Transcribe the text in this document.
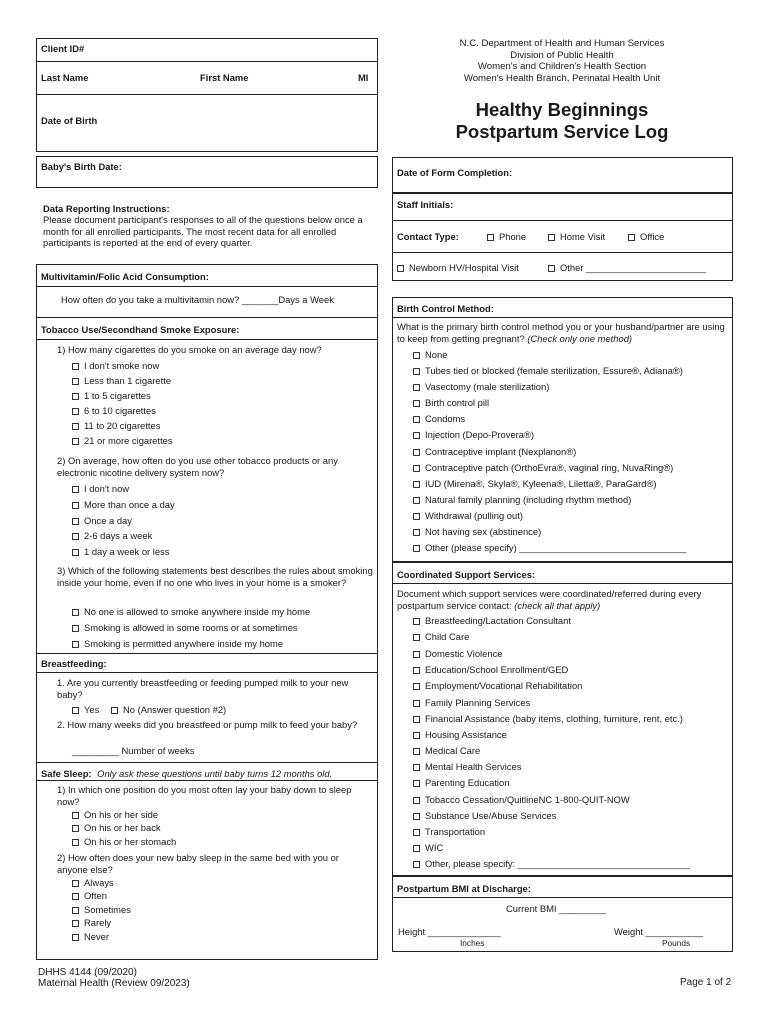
Client ID#
Last Name	First Name	MI
Date of Birth
N.C. Department of Health and Human Services
Division of Public Health
Women's and Children's Health Section
Women's Health Branch, Perinatal Health Unit
Healthy Beginnings
Postpartum Service Log
Baby's Birth Date:
Data Reporting Instructions:
Please document participant's responses to all of the questions below once a month for all enrolled participants. The most recent data for all enrolled participants is reported at the end of every quarter.
Multivitamin/Folic Acid Consumption:
How often do you take a multivitamin now? _______Days a Week
Tobacco Use/Secondhand Smoke Exposure:
1) How many cigarettes do you smoke on an average day now?
I don't smoke now
Less than 1 cigarette
1 to 5 cigarettes
6 to 10 cigarettes
11 to 20 cigarettes
21 or more cigarettes
2) On average, how often do you use other tobacco products or any electronic nicotine delivery system now?
I don't now
More than once a day
Once a day
2-6 days a week
1 day a week or less
3) Which of the following statements best describes the rules about smoking inside your home, even if no one who lives in your home is a smoker?
No one is allowed to smoke anywhere inside my home
Smoking is allowed in some rooms or at sometimes
Smoking is permitted anywhere inside my home
Breastfeeding:
1. Are you currently breastfeeding or feeding pumped milk to your new baby?
Yes	No (Answer question #2)
2. How many weeks did you breastfeed or pump milk to feed your baby?
_________ Number of weeks
Safe Sleep: Only ask these questions until baby turns 12 months old.
1) In which one position do you most often lay your baby down to sleep now?
On his or her side
On his or her back
On his or her stomach
2) How often does your new baby sleep in the same bed with you or anyone else?
Always
Often
Sometimes
Rarely
Never
Date of Form Completion:
Staff Initials:
Contact Type:	Phone	Home Visit	Office
Newborn HV/Hospital Visit	Other _______________________
Birth Control Method:
What is the primary birth control method you or your husband/partner are using to keep from getting pregnant? (Check only one method)
None
Tubes tied or blocked (female sterilization, Essure®, Adiana®)
Vasectomy (male sterilization)
Birth control pill
Condoms
Injection (Depo-Provera®)
Contraceptive implant (Nexplanon®)
Contraceptive patch (OrthoEvra®, vaginal ring, NuvaRing®)
IUD (Mirena®, Skyla®, Kyleena®, Liletta®, ParaGard®)
Natural family planning (including rhythm method)
Withdrawal (pulling out)
Not having sex (abstinence)
Other (please specify) ________________________________
Coordinated Support Services:
Document which support services were coordinated/referred during every postpartum service contact: (check all that apply)
Breastfeeding/Lactation Consultant
Child Care
Domestic Violence
Education/School Enrollment/GED
Employment/Vocational Rehabilitation
Family Planning Services
Financial Assistance (baby items, clothing, furniture, rent, etc.)
Housing Assistance
Medical Care
Mental Health Services
Parenting Education
Tobacco Cessation/QuitlineNC 1-800-QUIT-NOW
Substance Use/Abuse Services
Transportation
WIC
Other, please specify: _________________________________
Postpartum BMI at Discharge:
Current BMI _________
Height ______________
Inches
Weight ___________
Pounds
DHHS 4144 (09/2020)
Maternal Health (Review 09/2023)	Page 1 of 2
